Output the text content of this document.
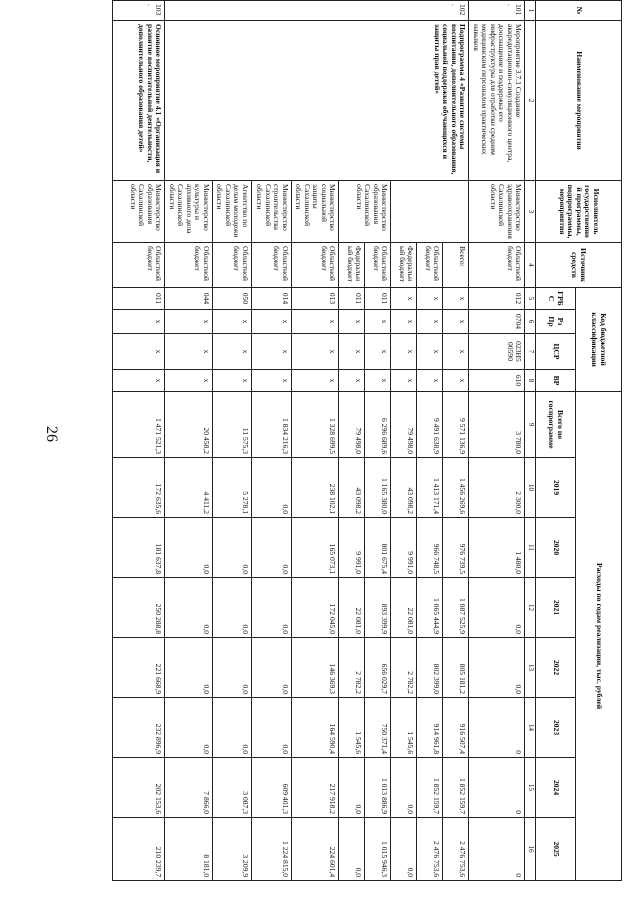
26
№	Наименование мероприятия	Исполнитель государственной программы, подпрограммы, мероприятия	Источник средств	Код бюджетной классификации				Расходы по годам реализации, тыс. рублей							
				ГРБС	Рз Пр	ЦСР	ВР	Всего по госпрограмме	2019	2020	2021	2022	2023	2024	2025
1	2	3	4	5	6	7	8	9	10	11	12	13	14	15	16
101.	Мероприятие 3.7.1 Создание аккредитационно-симуляционного центра, дооснащение и поддержка его инфраструктуры для отработки средним медицинским персоналом практических навыков	Министерство здравоохранения Сахалинской области	Областной бюджет	012	0704	023Н5 00590	610	3 780,0	2 300,0	1 480,0	0,0	0,0	0	0	0
102.	Подпрограмма 4 «Развитие системы воспитания, дополнительного образования, социальной поддержки обучающихся и защиты прав детей»		Всего:	х	х	х	х	9 571 136,9	1 456 269,6	976 739,5	1 087 525,9	805 181,2	916 507,4	1 852 159,7	2 476 753,6
			Областной бюджет	х	х	х	х	9 491 638,9	1 413 171,4	966 748,5	1 065 444,9	802 399,0	914 961,8	1 852 159,7	2 476 753,6
			Федеральный бюджет	х	х	х	х	79 498,0	43 098,2	9 991,0	22 081,0	2 782,2	1 545,6	0,0	0,0
		Министерство образования Сахалинской области	Областной бюджет	011	х	х	х	6 296 689,6	1 165 380,0	801 675,4	893 399,9	656 029,7	750 371,4	1 013 886,9	1 015 946,3
			Федеральный бюджет	011	х	х	х	79 498,0	43 098,2	9 991,0	22 081,0	2 782,2	1 545,6	0,0	0,0
		Министерство социальной защиты Сахалинской области	Областной бюджет	013	х	х	х	1 328 699,5	238 102,1	165 073,1	172 045,0	146 369,3	164 590,4	217 918,2	224 601,4
		Министерство строительства Сахалинской области	Областной бюджет	014	х	х	х	1 834 216,3	0,0	0,0	0,0	0,0	0,0	609 401,3	1 224 815,0
		Агентство по делам молодежи Сахалинской области	Областной бюджет	050	х	х	х	11 575,3	5 278,1	0,0	0,0	0,0	0,0	3 087,3	3 209,9
		Министерство культуры и архивного дела Сахалинской области	Областной бюджет	044	х	х	х	20 458,2	4 411,2	0,0	0,0	0,0	0,0	7 866,0	8 181,0
103.	Основное мероприятие 4.1 «Организация и развитие воспитательной деятельности, дополнительного образования детей»	Министерство образования Сахалинской области	Областной бюджет	011	х	х	х	1 471 521,3	172 635,6	181 637,8	250 288,8	221 668,9	232 896,9	202 153,6	210 239,7
